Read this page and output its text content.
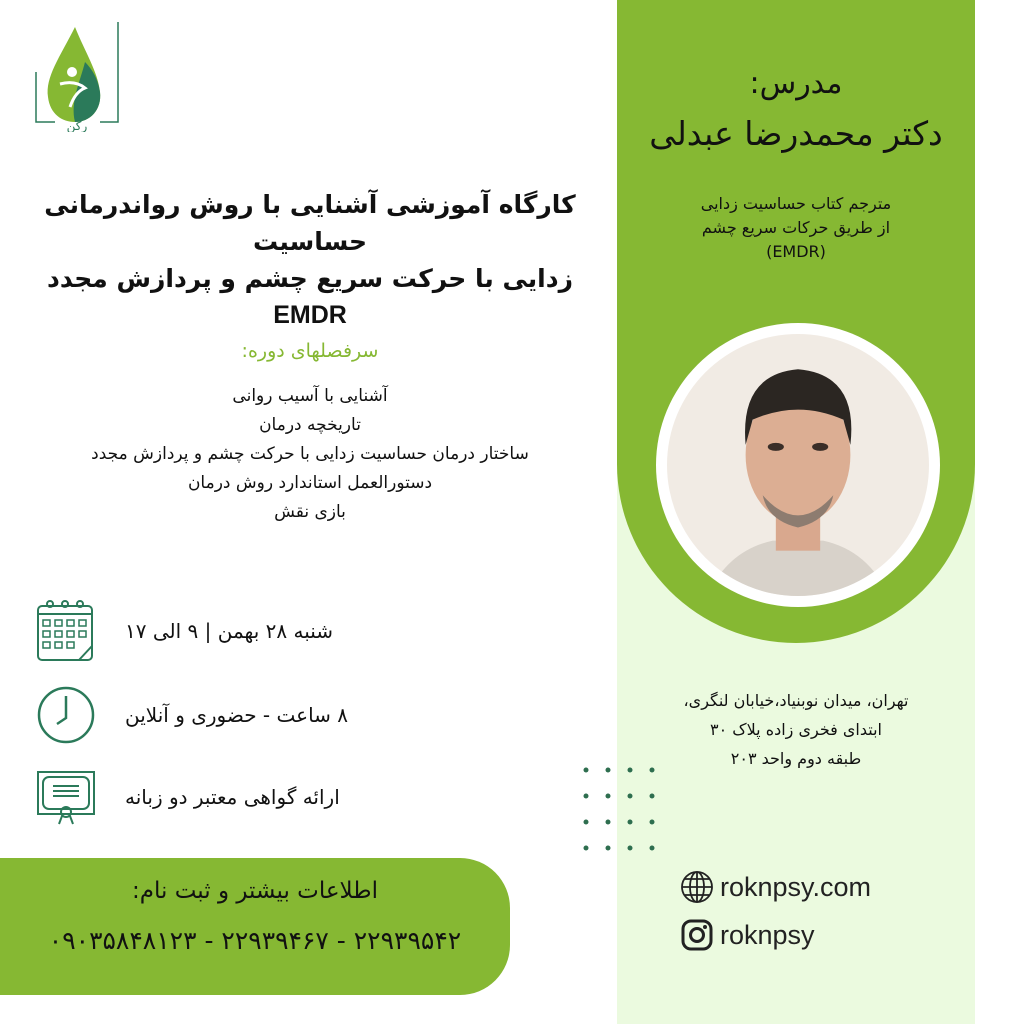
رکن
کارگاه آموزشی آشنایی با روش رواندرمانی حساسیت
زدایی با حرکت سریع چشم و پردازش مجدد
EMDR
سرفصلهای دوره:
آشنایی با آسیب روانی
تاریخچه درمان
ساختار درمان حساسیت زدایی با حرکت چشم و پردازش مجدد
دستورالعمل استاندارد روش درمان
بازی نقش
شنبه ۲۸ بهمن | ۹ الی ۱۷
۸ ساعت - حضوری و آنلاین
ارائه گواهی معتبر دو زبانه
مدرس:
دکتر محمدرضا عبدلی
مترجم کتاب حساسیت زدایی
از طریق حرکات سریع چشم
(EMDR)
تهران، میدان نوبنیاد،خیابان لنگری،
ابتدای فخری زاده پلاک ۳۰
طبقه دوم واحد ۲۰۳
roknpsy.com
roknpsy
اطلاعات بیشتر و ثبت نام:
۰۹۰۳۵۸۴۸۱۲۳ - ۲۲۹۳۹۴۶۷ - ۲۲۹۳۹۵۴۲
